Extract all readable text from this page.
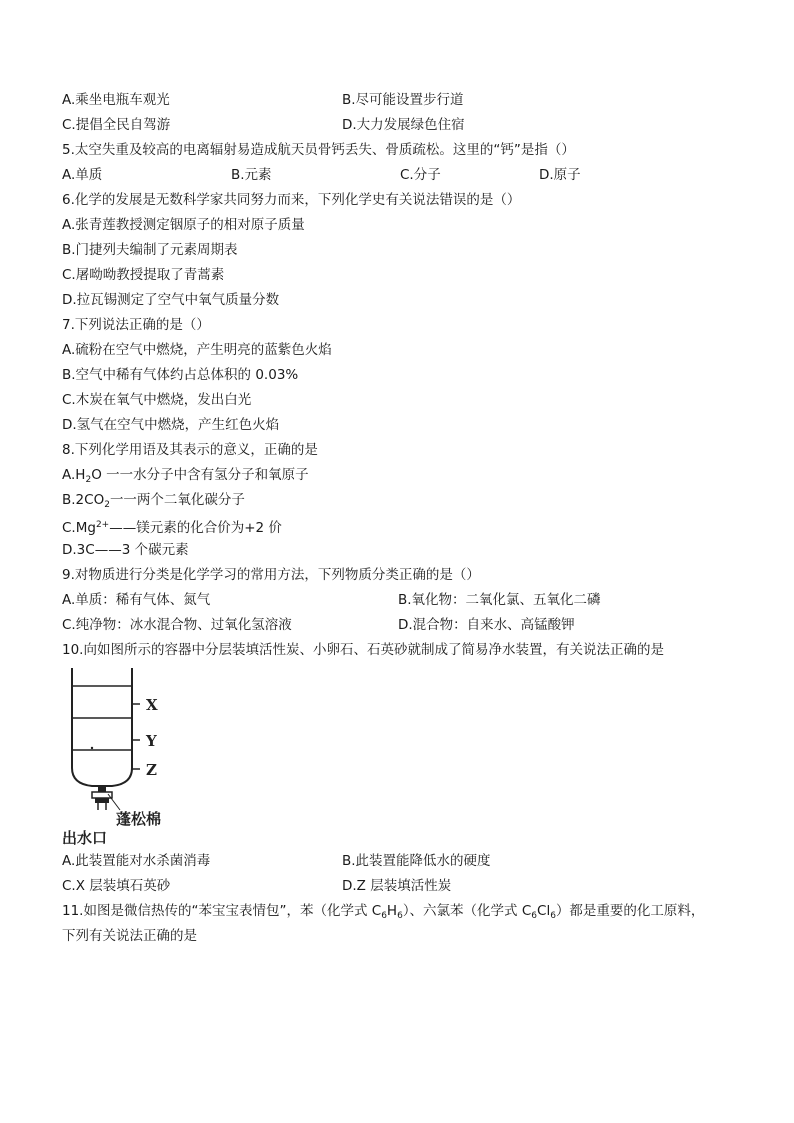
A.乘坐电瓶车观光	B.尽可能设置步行道
C.提倡全民自驾游	D.大力发展绿色住宿
5.太空失重及较高的电离辐射易造成航天员骨钙丢失、骨质疏松。这里的“钙”是指（）
A.单质	B.元素	C.分子	D.原子
6.化学的发展是无数科学家共同努力而来，下列化学史有关说法错误的是（）
A.张青莲教授测定铟原子的相对原子质量
B.门捷列夫编制了元素周期表
C.屠呦呦教授提取了青蒿素
D.拉瓦锡测定了空气中氧气质量分数
7.下列说法正确的是（）
A.硫粉在空气中燃烧，产生明亮的蓝紫色火焰
B.空气中稀有气体约占总体积的 0.03%
C.木炭在氧气中燃烧，发出白光
D.氢气在空气中燃烧，产生红色火焰
8.下列化学用语及其表示的意义，正确的是
$A.H_2O$ 一一水分子中含有氢分子和氧原子
$B.2CO_2$一一两个二氧化碳分子
$C.Mg^{2+}——$镁元素的化合价为+2 价
D.3C——3 个碳元素
9.对物质进行分类是化学学习的常用方法，下列物质分类正确的是（）
A.单质：稀有气体、氮气	B.氧化物：二氧化氯、五氧化二磷
C.纯净物：冰水混合物、过氧化氢溶液	D.混合物：自来水、高锰酸钾
10.向如图所示的容器中分层装填活性炭、小卵石、石英砂就制成了简易净水装置，有关说法正确的是
X
Y
Z
蓬松棉
出水口
A.此装置能对水杀菌消毒	B.此装置能降低水的硬度
C.X 层装填石英砂	D.Z 层装填活性炭
11.如图是微信热传的“苯宝宝表情包”，苯（化学式 $C_6H_6$）、六氯苯（化学式 $C_6Cl_6$）都是重要的化工原料，
下列有关说法正确的是
